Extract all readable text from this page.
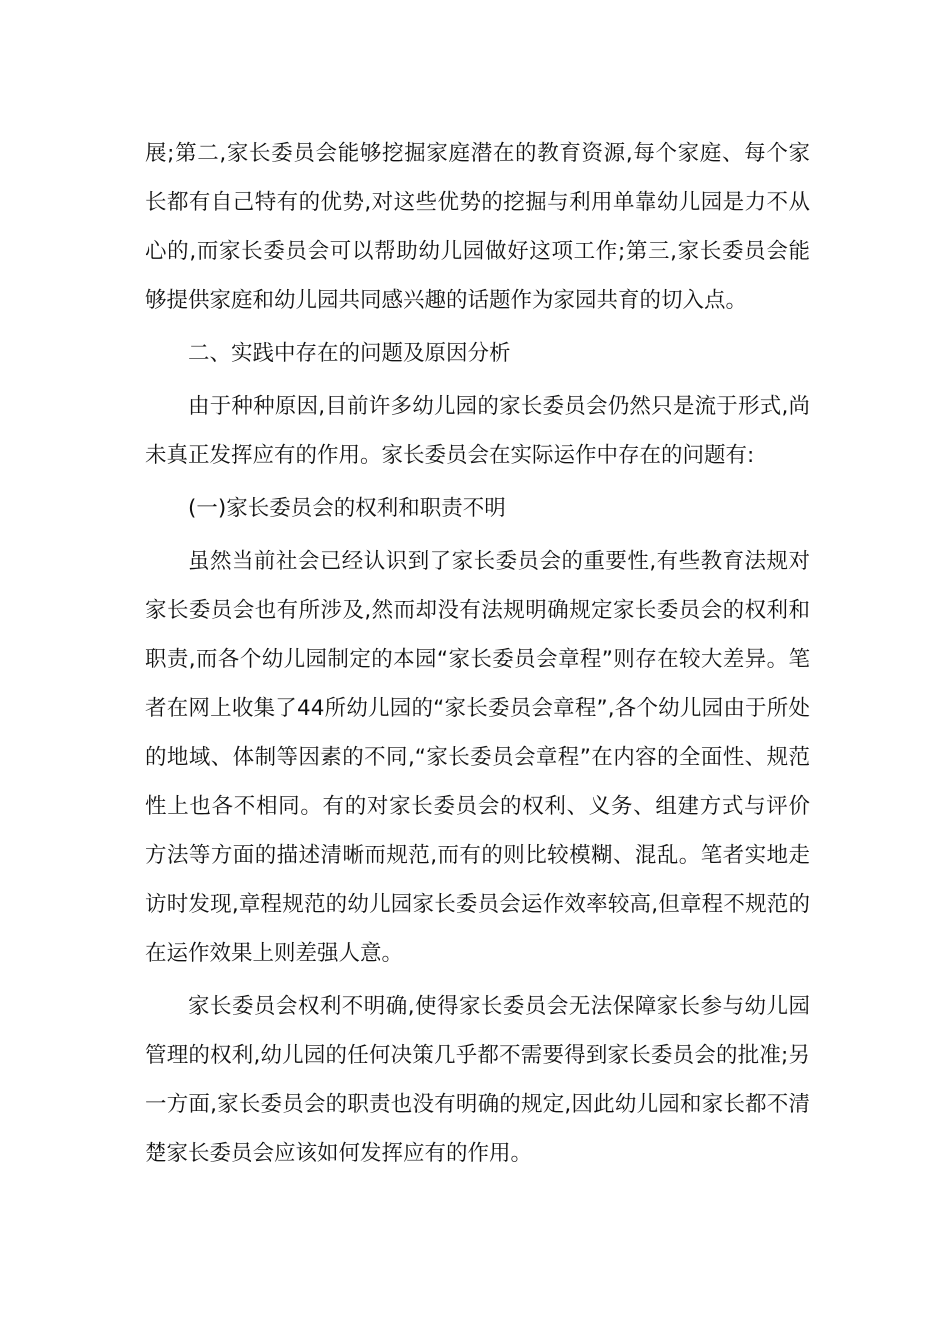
展;第二,家长委员会能够挖掘家庭潜在的教育资源,每个家庭、每个家长都有自己特有的优势,对这些优势的挖掘与利用单靠幼儿园是力不从心的,而家长委员会可以帮助幼儿园做好这项工作;第三,家长委员会能够提供家庭和幼儿园共同感兴趣的话题作为家园共育的切入点。

二、实践中存在的问题及原因分析

由于种种原因,目前许多幼儿园的家长委员会仍然只是流于形式,尚未真正发挥应有的作用。家长委员会在实际运作中存在的问题有:

(一)家长委员会的权利和职责不明

虽然当前社会已经认识到了家长委员会的重要性,有些教育法规对家长委员会也有所涉及,然而却没有法规明确规定家长委员会的权利和职责,而各个幼儿园制定的本园“家长委员会章程”则存在较大差异。笔者在网上收集了44所幼儿园的“家长委员会章程”,各个幼儿园由于所处的地域、体制等因素的不同,“家长委员会章程”在内容的全面性、规范性上也各不相同。有的对家长委员会的权利、义务、组建方式与评价方法等方面的描述清晰而规范,而有的则比较模糊、混乱。笔者实地走访时发现,章程规范的幼儿园家长委员会运作效率较高,但章程不规范的在运作效果上则差强人意。

家长委员会权利不明确,使得家长委员会无法保障家长参与幼儿园管理的权利,幼儿园的任何决策几乎都不需要得到家长委员会的批准;另一方面,家长委员会的职责也没有明确的规定,因此幼儿园和家长都不清楚家长委员会应该如何发挥应有的作用。
